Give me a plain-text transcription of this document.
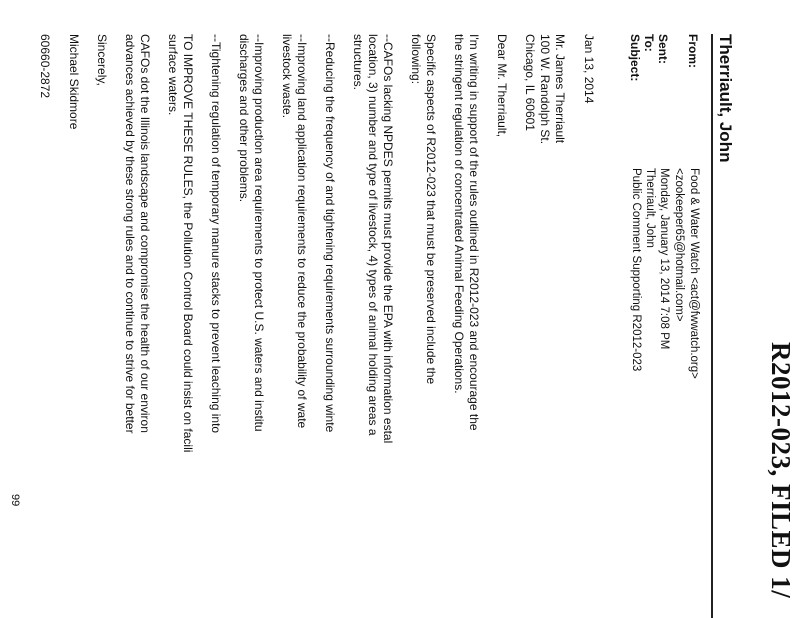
R2012-023, FILED 1/
Therriault, John
From:
Food & Water Watch <act@fwwatch.org>
<zookeeper65@hotmail.com>
Sent:
Monday, January 13, 2014 7:08 PM
To:
Therriault, John
Subject:
Public Comment Supporting R2012-023
Jan 13, 2014
Mr. James Therriault
100 W. Randolph St.
Chicago, IL 60601
Dear Mr. Therriault,
I'm writing in support of the rules outlined in R2012-023 and encourage the
the stringent regulation of concentrated Animal Feeding Operations.
Specific aspects of R2012-023 that must be preserved include the
following:
--CAFOs lacking NPDES permits must provide the EPA with information estal
location, 3) number and type of livestock, 4) types of animal holding areas a
structures.
--Reducing the frequency of and tightening requirements surrounding winte
--Improving land application requirements to reduce the probability of wate
livestock waste.
--Improving production area requirements to protect U.S. waters and institu
discharges and other problems.
--Tightening regulation of temporary manure stacks to prevent leaching into
TO IMPROVE THESE RULES, the Pollution Control Board could insist on facili
surface waters.
CAFOs dot the Illinois landscape and compromise the health of our environ
advances achieved by these strong rules and to continue to strive for better
Sincerely,
Michael Skidmore
60660-2872
99
